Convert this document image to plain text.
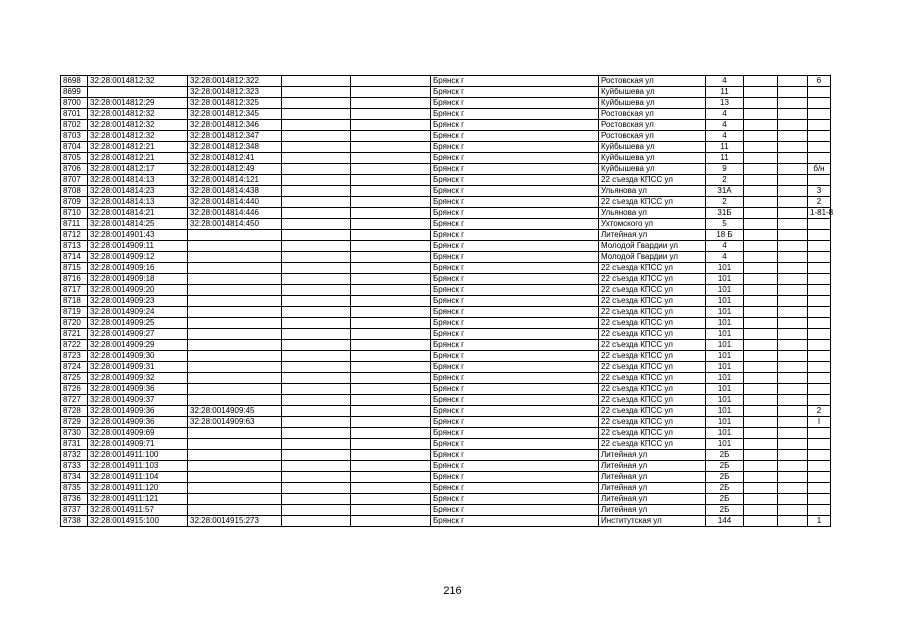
8698	32:28:0014812:32	32:28:0014812:322			Брянск г	Ростовская ул	4			6
8699		32:28:0014812:323			Брянск г	Куйбышева ул	11			
8700	32:28:0014812:29	32:28:0014812:325			Брянск г	Куйбышева ул	13			
8701	32:28:0014812:32	32:28:0014812:345			Брянск г	Ростовская ул	4			
8702	32:28:0014812:32	32:28:0014812:346			Брянск г	Ростовская ул	4			
8703	32:28:0014812:32	32:28:0014812:347			Брянск г	Ростовская ул	4			
8704	32:28:0014812:21	32:28:0014812:348			Брянск г	Куйбышева ул	11			
8705	32:28:0014812:21	32:28:0014812:41			Брянск г	Куйбышева ул	11			
8706	32:28:0014812:17	32:28:0014812:49			Брянск г	Куйбышева ул	9			б/н
8707	32:28:0014814:13	32:28:0014814:121			Брянск г	22 съезда КПСС ул	2			
8708	32:28:0014814:23	32:28:0014814:438			Брянск г	Ульянова ул	31А			3
8709	32:28:0014814:13	32:28:0014814:440			Брянск г	22 съезда КПСС ул	2			2
8710	32:28:0014814:21	32:28:0014814:446			Брянск г	Ульянова ул	31Б			1-81-8
8711	32:28:0014814:25	32:28:0014814:450			Брянск г	Ухтомского ул	5			
8712	32:28:0014901:43				Брянск г	Литейная ул	18 Б			
8713	32:28:0014909:11				Брянск г	Молодой Гвардии ул	4			
8714	32:28:0014909:12				Брянск г	Молодой Гвардии ул	4			
8715	32:28:0014909:16				Брянск г	22 съезда КПСС ул	101			
8716	32:28:0014909:18				Брянск г	22 съезда КПСС ул	101			
8717	32:28:0014909:20				Брянск г	22 съезда КПСС ул	101			
8718	32:28:0014909:23				Брянск г	22 съезда КПСС ул	101			
8719	32:28:0014909:24				Брянск г	22 съезда КПСС ул	101			
8720	32:28:0014909:25				Брянск г	22 съезда КПСС ул	101			
8721	32:28:0014909:27				Брянск г	22 съезда КПСС ул	101			
8722	32:28:0014909:29				Брянск г	22 съезда КПСС ул	101			
8723	32:28:0014909:30				Брянск г	22 съезда КПСС ул	101			
8724	32:28:0014909:31				Брянск г	22 съезда КПСС ул	101			
8725	32:28:0014909:32				Брянск г	22 съезда КПСС ул	101			
8726	32:28:0014909:36				Брянск г	22 съезда КПСС ул	101			
8727	32:28:0014909:37				Брянск г	22 съезда КПСС ул	101			
8728	32:28:0014909:36	32:28:0014909:45			Брянск г	22 съезда КПСС ул	101			2
8729	32:28:0014909:36	32:28:0014909:63			Брянск г	22 съезда КПСС ул	101			I
8730	32:28:0014909:69				Брянск г	22 съезда КПСС ул	101			
8731	32:28:0014909:71				Брянск г	22 съезда КПСС ул	101			
8732	32:28:0014911:100				Брянск г	Литейная ул	2Б			
8733	32:28:0014911:103				Брянск г	Литейная ул	2Б			
8734	32:28:0014911:104				Брянск г	Литейная ул	2Б			
8735	32:28:0014911:120				Брянск г	Литейная ул	2Б			
8736	32:28:0014911:121				Брянск г	Литейная ул	2Б			
8737	32:28:0014911:57				Брянск г	Литейная ул	2Б			
8738	32:28:0014915:100	32:28:0014915:273			Брянск г	Институтская ул	144			1
216
